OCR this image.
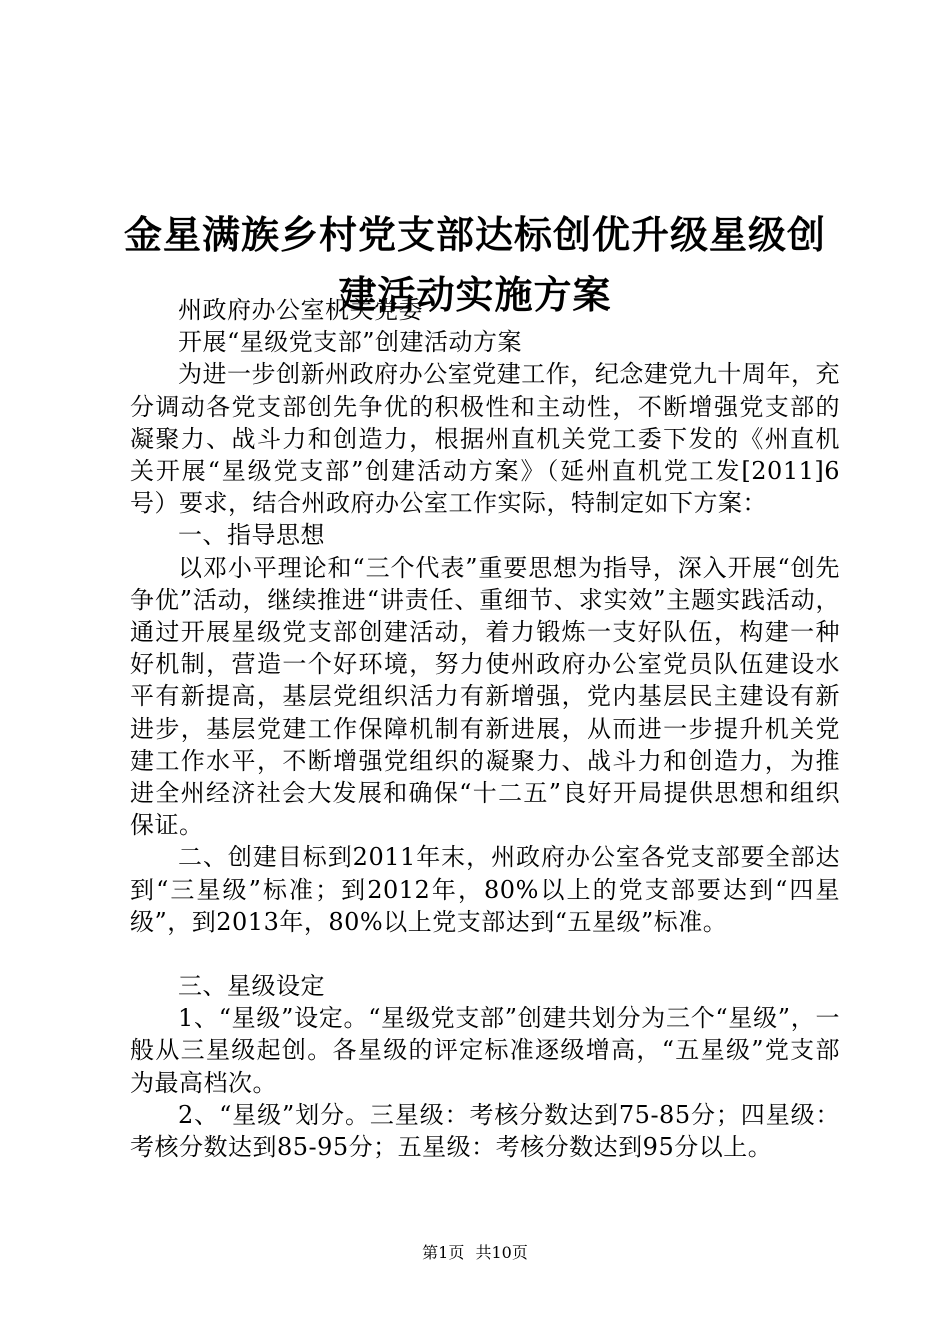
金星满族乡村党支部达标创优升级星级创建活动实施方案

州政府办公室机关党委

开展“星级党支部”创建活动方案

为进一步创新州政府办公室党建工作，纪念建党九十周年，充分调动各党支部创先争优的积极性和主动性，不断增强党支部的凝聚力、战斗力和创造力，根据州直机关党工委下发的《州直机关开展“星级党支部”创建活动方案》（延州直机党工发[2011]6号）要求，结合州政府办公室工作实际，特制定如下方案：

一、指导思想

以邓小平理论和“三个代表”重要思想为指导，深入开展“创先争优”活动，继续推进“讲责任、重细节、求实效”主题实践活动，通过开展星级党支部创建活动，着力锻炼一支好队伍，构建一种好机制，营造一个好环境，努力使州政府办公室党员队伍建设水平有新提高，基层党组织活力有新增强，党内基层民主建设有新进步，基层党建工作保障机制有新进展，从而进一步提升机关党建工作水平，不断增强党组织的凝聚力、战斗力和创造力，为推进全州经济社会大发展和确保“十二五”良好开局提供思想和组织保证。

二、创建目标到2011年末，州政府办公室各党支部要全部达到“三星级”标准；到2012年，80%以上的党支部要达到“四星级”，到2013年，80%以上党支部达到“五星级”标准。

三、星级设定

1、“星级”设定。“星级党支部”创建共划分为三个“星级”，一般从三星级起创。各星级的评定标准逐级增高，“五星级”党支部为最高档次。

2、“星级”划分。三星级：考核分数达到75-85分；四星级：考核分数达到85-95分；五星级：考核分数达到95分以上。

第1页 共10页
